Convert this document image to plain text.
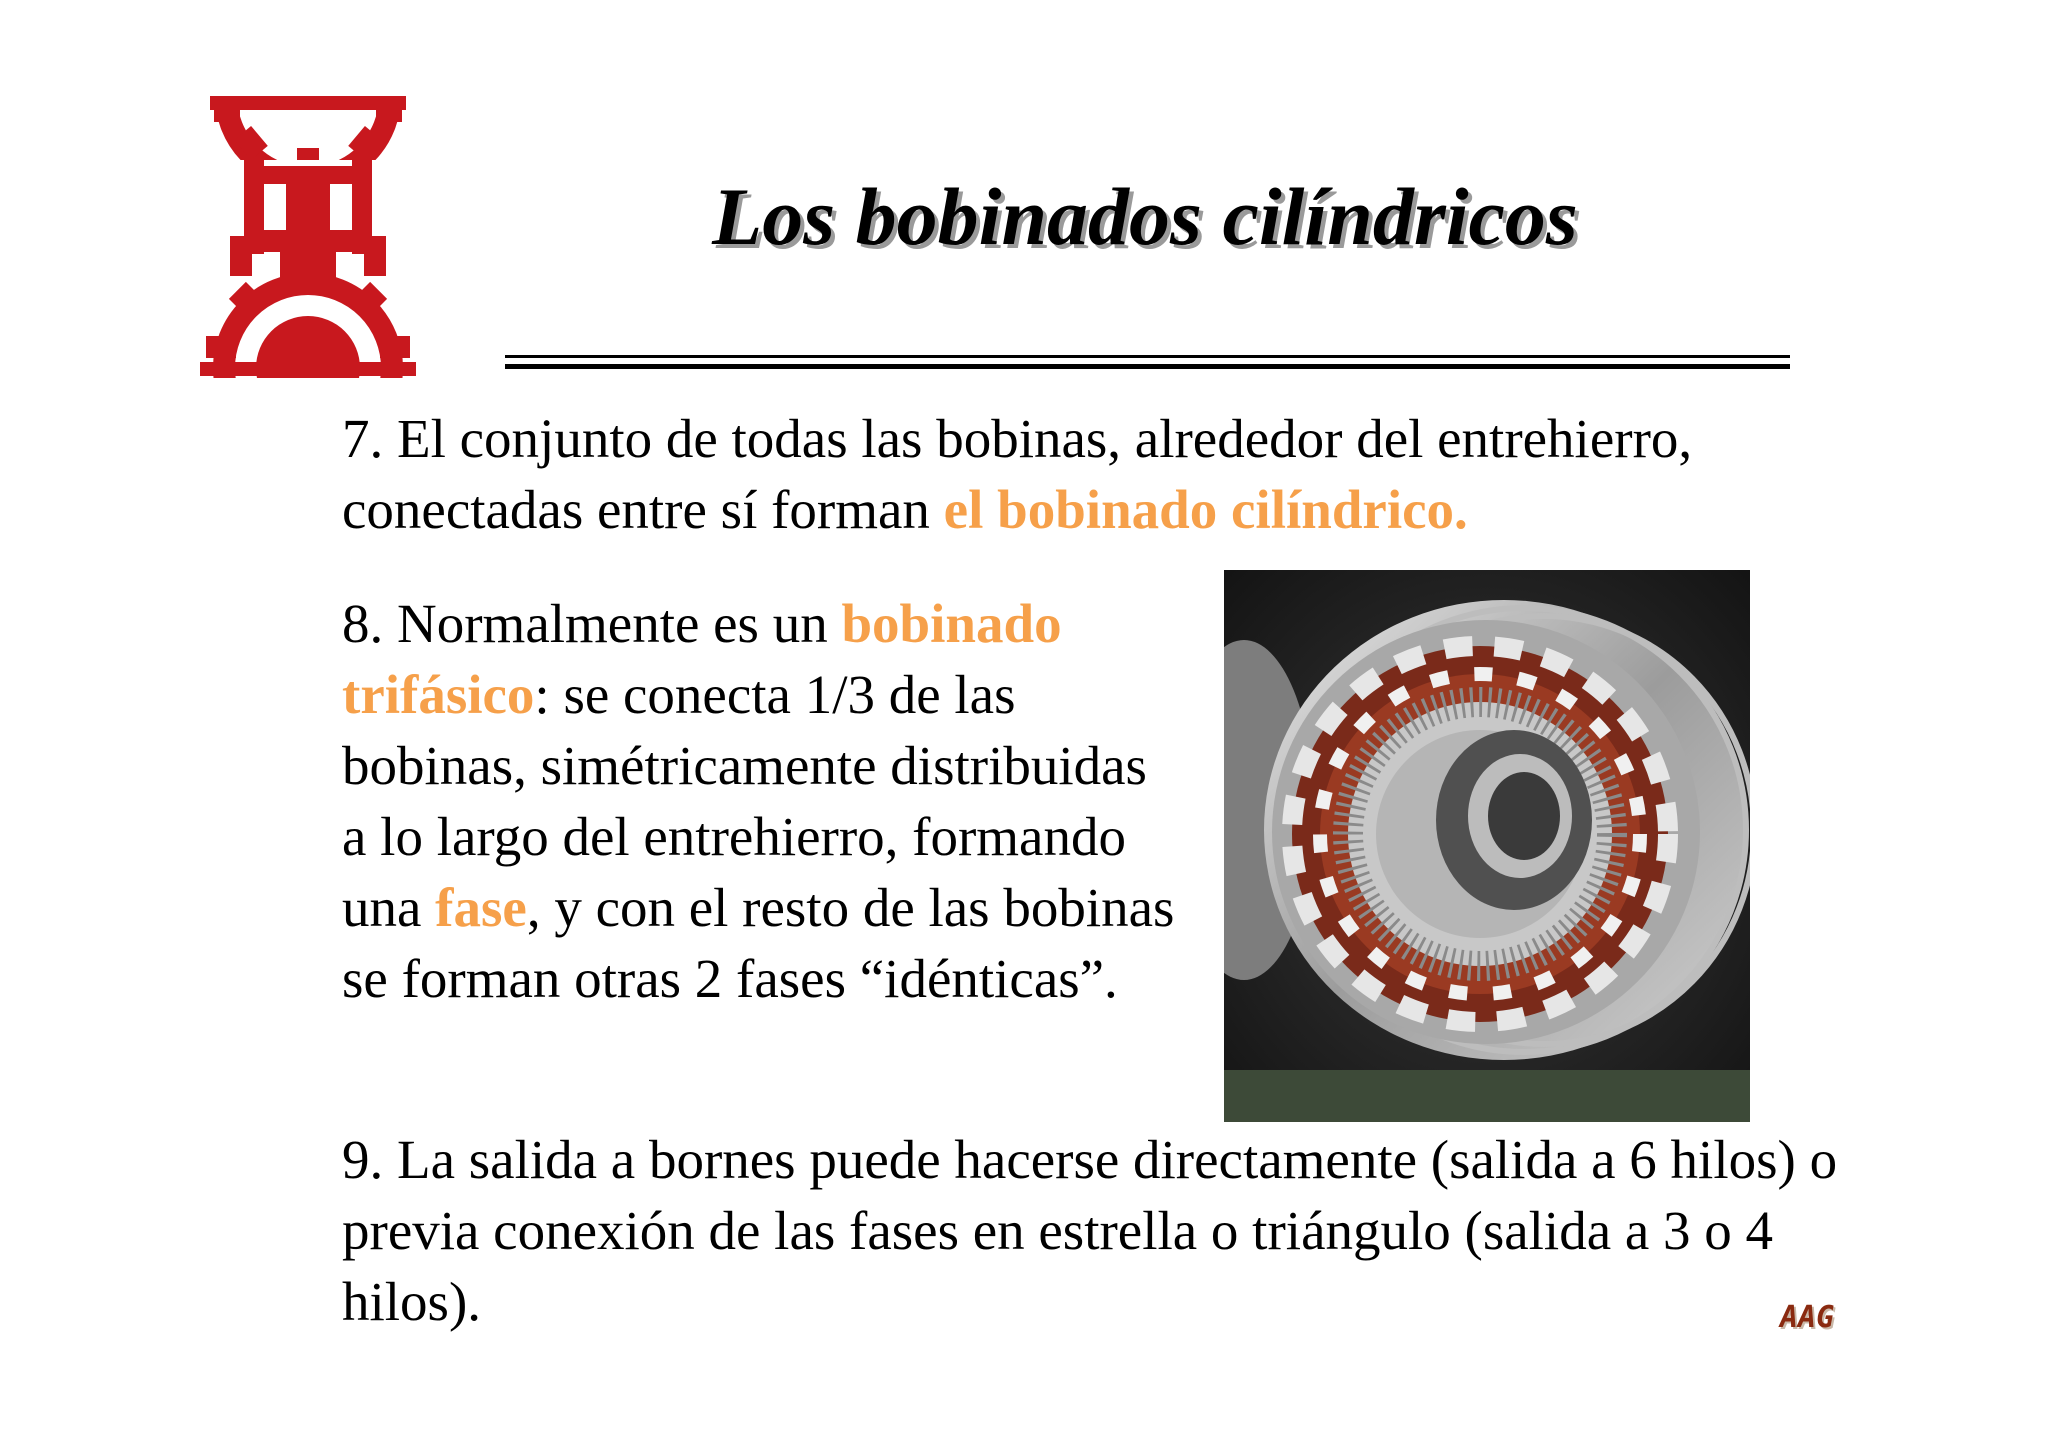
Los bobinados cilíndricos

7. El conjunto de todas las bobinas, alrededor del entrehierro, conectadas entre sí forman el bobinado cilíndrico.

8. Normalmente es un bobinado trifásico: se conecta 1/3 de las bobinas, simétricamente distribuidas a lo largo del entrehierro, formando una fase, y con el resto de las bobinas se forman otras 2 fases “idénticas”.

9. La salida a bornes puede hacerse directamente (salida a 6 hilos) o previa conexión de las fases en estrella o triángulo (salida a 3 o 4 hilos).	AAG
